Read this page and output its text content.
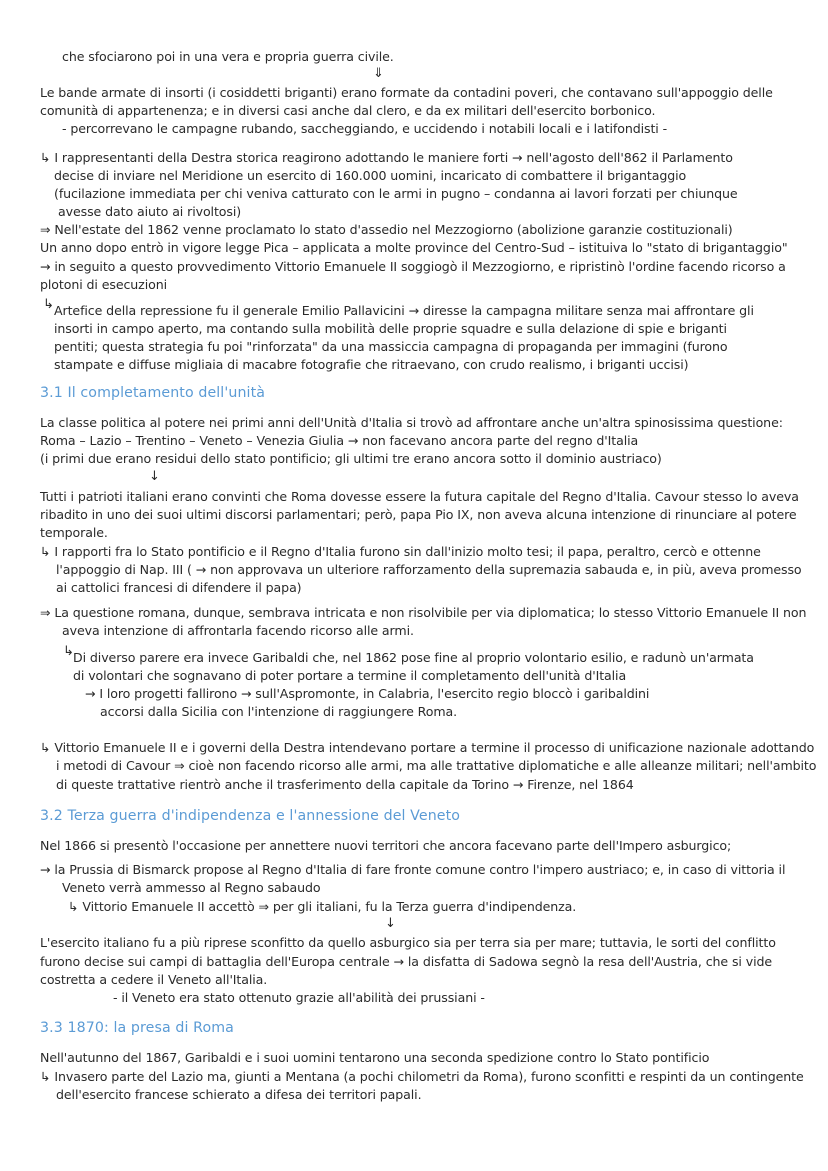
che sfociarono poi in una vera e propria guerra civile.
⇓
Le bande armate di insorti (i cosiddetti briganti) erano formate da contadini poveri, che contavano sull'appoggio delle
comunità di appartenenza; e in diversi casi anche dal clero, e da ex militari dell'esercito borbonico.
- percorrevano le campagne rubando, saccheggiando, e uccidendo i notabili locali e i latifondisti -
↳ I rappresentanti della Destra storica reagirono adottando le maniere forti → nell'agosto dell'862 il Parlamento
decise di inviare nel Meridione un esercito di 160.000 uomini, incaricato di combattere il brigantaggio
(fucilazione immediata per chi veniva catturato con le armi in pugno – condanna ai lavori forzati per chiunque
avesse dato aiuto ai rivoltosi)
⇒ Nell'estate del 1862 venne proclamato lo stato d'assedio nel Mezzogiorno (abolizione garanzie costituzionali)
Un anno dopo entrò in vigore legge Pica – applicata a molte province del Centro-Sud – istituiva lo "stato di brigantaggio"
→ in seguito a questo provvedimento Vittorio Emanuele II soggiogò il Mezzogiorno, e ripristinò l'ordine facendo ricorso a
plotoni di esecuzioni
↳ Artefice della repressione fu il generale Emilio Pallavicini → diresse la campagna militare senza mai affrontare gli
insorti in campo aperto, ma contando sulla mobilità delle proprie squadre e sulla delazione di spie e briganti
pentiti; questa strategia fu poi "rinforzata" da una massiccia campagna di propaganda per immagini (furono
stampate e diffuse migliaia di macabre fotografie che ritraevano, con crudo realismo, i briganti uccisi)
3.1 Il completamento dell'unità
La classe politica al potere nei primi anni dell'Unità d'Italia si trovò ad affrontare anche un'altra spinosissima questione:
Roma – Lazio – Trentino – Veneto – Venezia Giulia → non facevano ancora parte del regno d'Italia
(i primi due erano residui dello stato pontificio; gli ultimi tre erano ancora sotto il dominio austriaco)
↓
Tutti i patrioti italiani erano convinti che Roma dovesse essere la futura capitale del Regno d'Italia. Cavour stesso lo aveva
ribadito in uno dei suoi ultimi discorsi parlamentari; però, papa Pio IX, non aveva alcuna intenzione di rinunciare al potere
temporale.
↳ I rapporti fra lo Stato pontificio e il Regno d'Italia furono sin dall'inizio molto tesi; il papa, peraltro, cercò e ottenne
l'appoggio di Nap. III ( → non approvava un ulteriore rafforzamento della supremazia sabauda e, in più, aveva promesso
ai cattolici francesi di difendere il papa)
⇒ La questione romana, dunque, sembrava intricata e non risolvibile per via diplomatica; lo stesso Vittorio Emanuele II non
aveva intenzione di affrontarla facendo ricorso alle armi.
↳ Di diverso parere era invece Garibaldi che, nel 1862 pose fine al proprio volontario esilio, e radunò un'armata
di volontari che sognavano di poter portare a termine il completamento dell'unità d'Italia
→ I loro progetti fallirono → sull'Aspromonte, in Calabria, l'esercito regio bloccò i garibaldini
accorsi dalla Sicilia con l'intenzione di raggiungere Roma.
↳ Vittorio Emanuele II e i governi della Destra intendevano portare a termine il processo di unificazione nazionale adottando
i metodi di Cavour ⇒ cioè non facendo ricorso alle armi, ma alle trattative diplomatiche e alle alleanze militari; nell'ambito
di queste trattative rientrò anche il trasferimento della capitale da Torino → Firenze, nel 1864
3.2 Terza guerra d'indipendenza e l'annessione del Veneto
Nel 1866 si presentò l'occasione per annettere nuovi territori che ancora facevano parte dell'Impero asburgico;
→ la Prussia di Bismarck propose al Regno d'Italia di fare fronte comune contro l'impero austriaco; e, in caso di vittoria il
Veneto verrà ammesso al Regno sabaudo
↳ Vittorio Emanuele II accettò ⇒ per gli italiani, fu la Terza guerra d'indipendenza.
↓
L'esercito italiano fu a più riprese sconfitto da quello asburgico sia per terra sia per mare; tuttavia, le sorti del conflitto
furono decise sui campi di battaglia dell'Europa centrale → la disfatta di Sadowa segnò la resa dell'Austria, che si vide
costretta a cedere il Veneto all'Italia.
- il Veneto era stato ottenuto grazie all'abilità dei prussiani -
3.3 1870: la presa di Roma
Nell'autunno del 1867, Garibaldi e i suoi uomini tentarono una seconda spedizione contro lo Stato pontificio
↳ Invasero parte del Lazio ma, giunti a Mentana (a pochi chilometri da Roma), furono sconfitti e respinti da un contingente
dell'esercito francese schierato a difesa dei territori papali.
